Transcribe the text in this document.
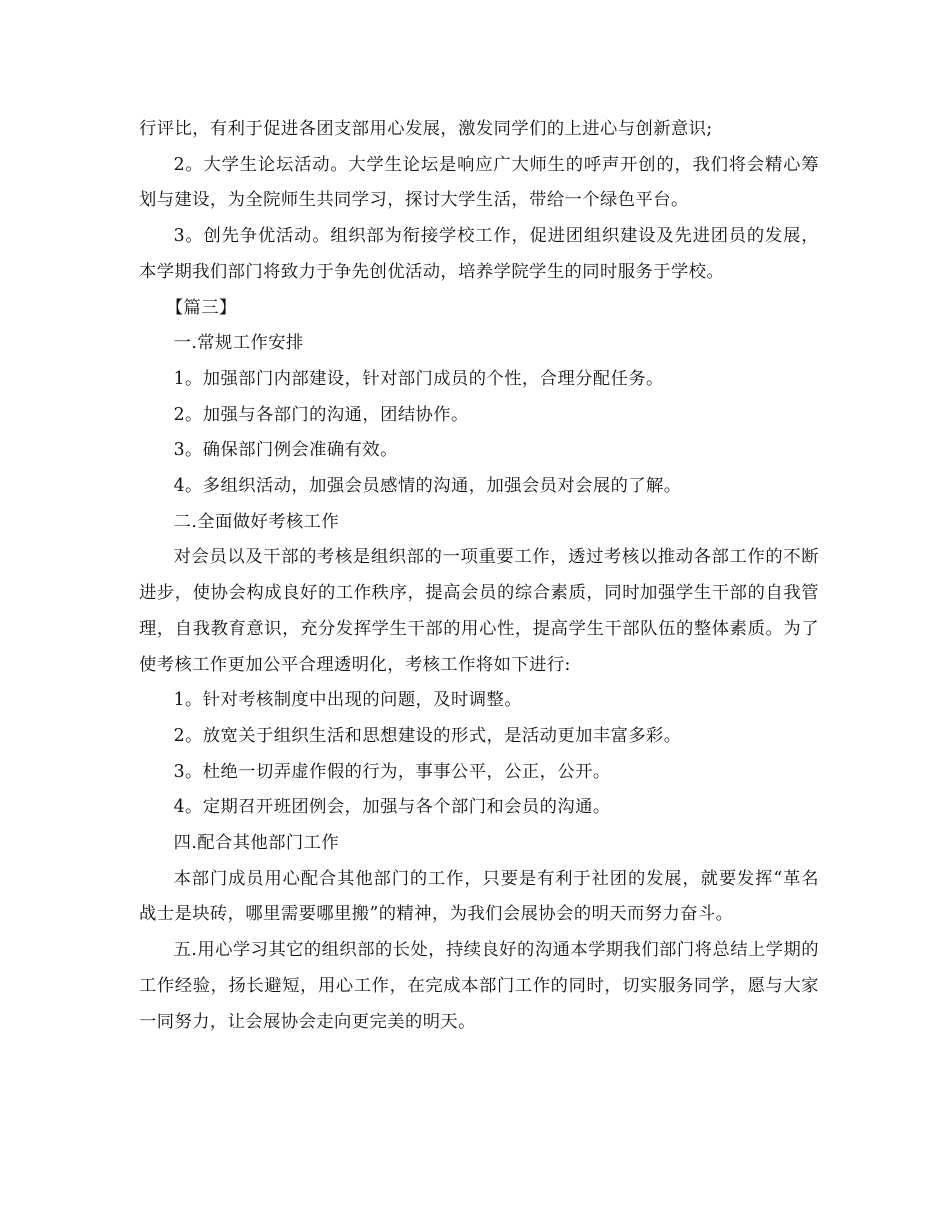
行评比，有利于促进各团支部用心发展，激发同学们的上进心与创新意识;

2。大学生论坛活动。大学生论坛是响应广大师生的呼声开创的，我们将会精心筹划与建设，为全院师生共同学习，探讨大学生活，带给一个绿色平台。

3。创先争优活动。组织部为衔接学校工作，促进团组织建设及先进团员的发展，本学期我们部门将致力于争先创优活动，培养学院学生的同时服务于学校。

【篇三】

一.常规工作安排

1。加强部门内部建设，针对部门成员的个性，合理分配任务。

2。加强与各部门的沟通，团结协作。

3。确保部门例会准确有效。

4。多组织活动，加强会员感情的沟通，加强会员对会展的了解。

二.全面做好考核工作

对会员以及干部的考核是组织部的一项重要工作，透过考核以推动各部工作的不断进步，使协会构成良好的工作秩序，提高会员的综合素质，同时加强学生干部的自我管理，自我教育意识，充分发挥学生干部的用心性，提高学生干部队伍的整体素质。为了使考核工作更加公平合理透明化，考核工作将如下进行:

1。针对考核制度中出现的问题，及时调整。

2。放宽关于组织生活和思想建设的形式，是活动更加丰富多彩。

3。杜绝一切弄虚作假的行为，事事公平，公正，公开。

4。定期召开班团例会，加强与各个部门和会员的沟通。

四.配合其他部门工作

本部门成员用心配合其他部门的工作，只要是有利于社团的发展，就要发挥“革名战士是块砖，哪里需要哪里搬”的精神，为我们会展协会的明天而努力奋斗。

五.用心学习其它的组织部的长处，持续良好的沟通本学期我们部门将总结上学期的工作经验，扬长避短，用心工作，在完成本部门工作的同时，切实服务同学，愿与大家一同努力，让会展协会走向更完美的明天。
